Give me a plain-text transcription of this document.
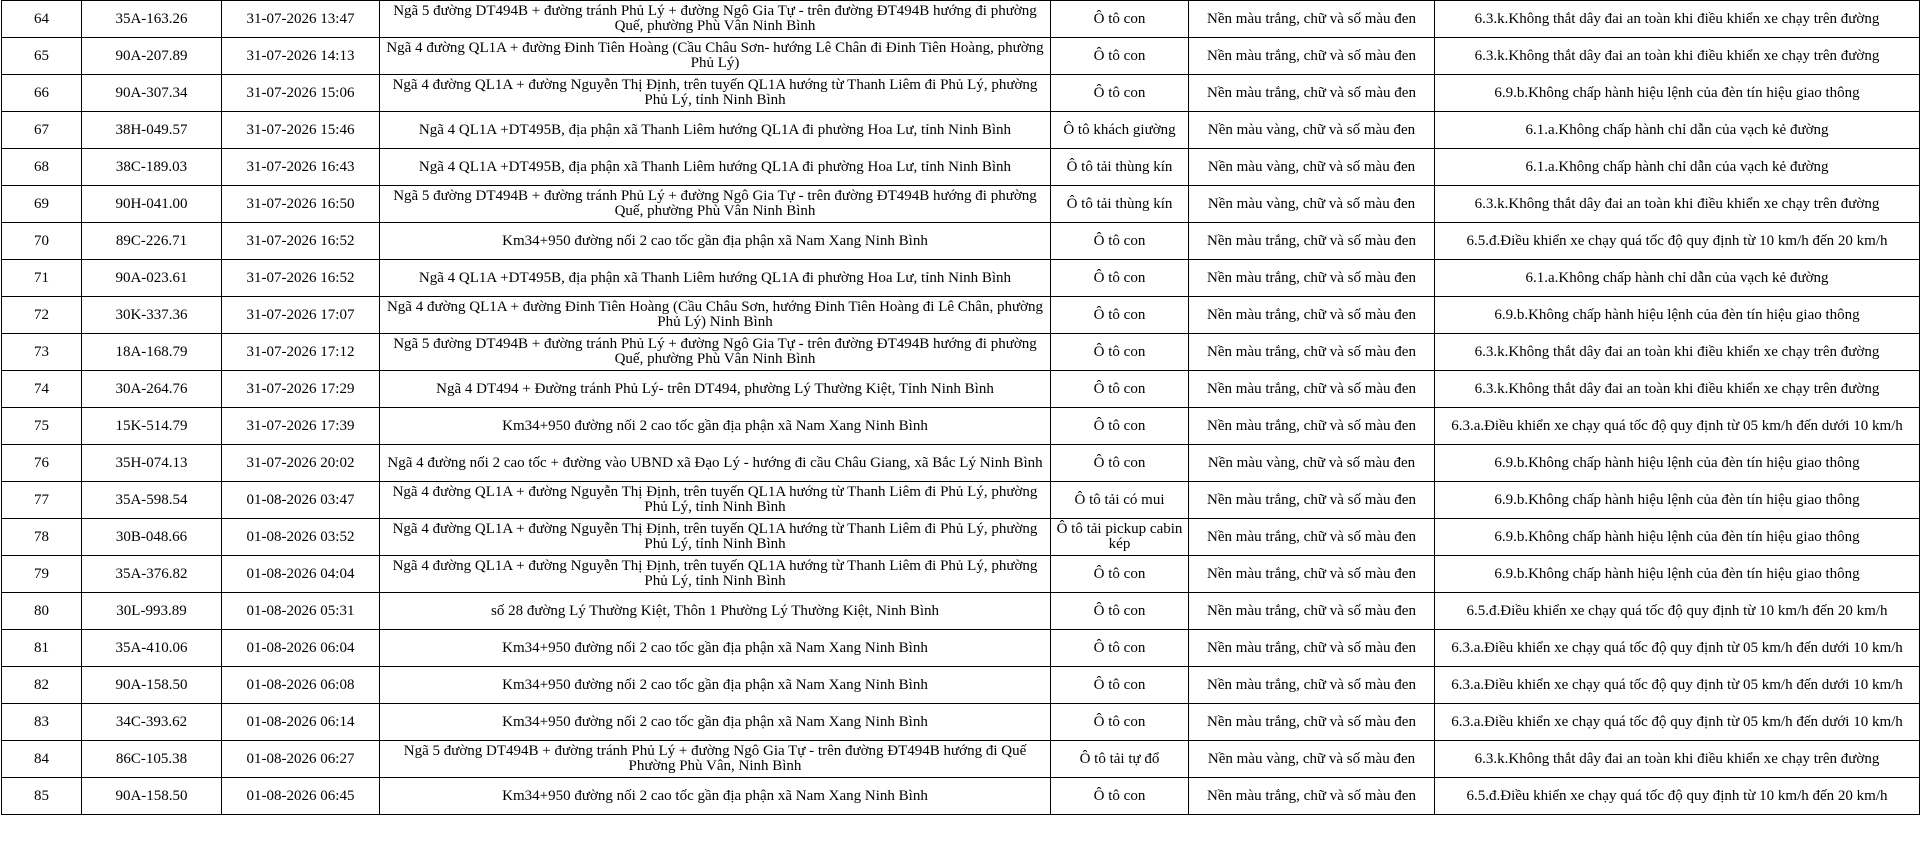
64	35A-163.26	31-07-2026 13:47	Ngã 5 đường DT494B + đường tránh Phủ Lý + đường Ngô Gia Tự - trên đường ĐT494B hướng đi phường Quế, phường Phù Vân Ninh Bình	Ô tô con	Nền màu trắng, chữ và số màu đen	6.3.k.Không thắt dây đai an toàn khi điều khiển xe chạy trên đường
65	90A-207.89	31-07-2026 14:13	Ngã 4 đường QL1A + đường Đinh Tiên Hoàng (Cầu Châu Sơn- hướng Lê Chân đi Đinh Tiên Hoàng, phường Phủ Lý)	Ô tô con	Nền màu trắng, chữ và số màu đen	6.3.k.Không thắt dây đai an toàn khi điều khiển xe chạy trên đường
66	90A-307.34	31-07-2026 15:06	Ngã 4 đường QL1A + đường Nguyễn Thị Định, trên tuyến QL1A hướng từ Thanh Liêm đi Phủ Lý, phường Phủ Lý, tỉnh Ninh Bình	Ô tô con	Nền màu trắng, chữ và số màu đen	6.9.b.Không chấp hành hiệu lệnh của đèn tín hiệu giao thông
67	38H-049.57	31-07-2026 15:46	Ngã 4 QL1A +DT495B, địa phận xã Thanh Liêm hướng QL1A đi phường Hoa Lư, tỉnh Ninh Bình	Ô tô khách giường	Nền màu vàng, chữ và số màu đen	6.1.a.Không chấp hành chỉ dẫn của vạch kẻ đường
68	38C-189.03	31-07-2026 16:43	Ngã 4 QL1A +DT495B, địa phận xã Thanh Liêm hướng QL1A đi phường Hoa Lư, tỉnh Ninh Bình	Ô tô tải thùng kín	Nền màu vàng, chữ và số màu đen	6.1.a.Không chấp hành chỉ dẫn của vạch kẻ đường
69	90H-041.00	31-07-2026 16:50	Ngã 5 đường DT494B + đường tránh Phủ Lý + đường Ngô Gia Tự - trên đường ĐT494B hướng đi phường Quế, phường Phù Vân Ninh Bình	Ô tô tải thùng kín	Nền màu vàng, chữ và số màu đen	6.3.k.Không thắt dây đai an toàn khi điều khiển xe chạy trên đường
70	89C-226.71	31-07-2026 16:52	Km34+950 đường nối 2 cao tốc gần địa phận xã Nam Xang Ninh Bình	Ô tô con	Nền màu trắng, chữ và số màu đen	6.5.đ.Điều khiển xe chạy quá tốc độ quy định từ 10 km/h đến 20 km/h
71	90A-023.61	31-07-2026 16:52	Ngã 4 QL1A +DT495B, địa phận xã Thanh Liêm hướng QL1A đi phường Hoa Lư, tỉnh Ninh Bình	Ô tô con	Nền màu trắng, chữ và số màu đen	6.1.a.Không chấp hành chỉ dẫn của vạch kẻ đường
72	30K-337.36	31-07-2026 17:07	Ngã 4 đường QL1A + đường Đinh Tiên Hoàng (Cầu Châu Sơn, hướng Đinh Tiên Hoàng đi Lê Chân, phường Phủ Lý) Ninh Bình	Ô tô con	Nền màu trắng, chữ và số màu đen	6.9.b.Không chấp hành hiệu lệnh của đèn tín hiệu giao thông
73	18A-168.79	31-07-2026 17:12	Ngã 5 đường DT494B + đường tránh Phủ Lý + đường Ngô Gia Tự - trên đường ĐT494B hướng đi phường Quế, phường Phù Vân Ninh Bình	Ô tô con	Nền màu trắng, chữ và số màu đen	6.3.k.Không thắt dây đai an toàn khi điều khiển xe chạy trên đường
74	30A-264.76	31-07-2026 17:29	Ngã 4 DT494 + Đường tránh Phủ Lý- trên DT494, phường Lý Thường Kiệt, Tỉnh Ninh Bình	Ô tô con	Nền màu trắng, chữ và số màu đen	6.3.k.Không thắt dây đai an toàn khi điều khiển xe chạy trên đường
75	15K-514.79	31-07-2026 17:39	Km34+950 đường nối 2 cao tốc gần địa phận xã Nam Xang Ninh Bình	Ô tô con	Nền màu trắng, chữ và số màu đen	6.3.a.Điều khiển xe chạy quá tốc độ quy định từ 05 km/h đến dưới 10 km/h
76	35H-074.13	31-07-2026 20:02	Ngã 4 đường nối 2 cao tốc + đường vào UBND xã Đạo Lý - hướng đi cầu Châu Giang, xã Bắc Lý Ninh Bình	Ô tô con	Nền màu vàng, chữ và số màu đen	6.9.b.Không chấp hành hiệu lệnh của đèn tín hiệu giao thông
77	35A-598.54	01-08-2026 03:47	Ngã 4 đường QL1A + đường Nguyễn Thị Định, trên tuyến QL1A hướng từ Thanh Liêm đi Phủ Lý, phường Phủ Lý, tỉnh Ninh Bình	Ô tô tải có mui	Nền màu trắng, chữ và số màu đen	6.9.b.Không chấp hành hiệu lệnh của đèn tín hiệu giao thông
78	30B-048.66	01-08-2026 03:52	Ngã 4 đường QL1A + đường Nguyễn Thị Định, trên tuyến QL1A hướng từ Thanh Liêm đi Phủ Lý, phường Phủ Lý, tỉnh Ninh Bình	Ô tô tải pickup cabin kép	Nền màu trắng, chữ và số màu đen	6.9.b.Không chấp hành hiệu lệnh của đèn tín hiệu giao thông
79	35A-376.82	01-08-2026 04:04	Ngã 4 đường QL1A + đường Nguyễn Thị Định, trên tuyến QL1A hướng từ Thanh Liêm đi Phủ Lý, phường Phủ Lý, tỉnh Ninh Bình	Ô tô con	Nền màu trắng, chữ và số màu đen	6.9.b.Không chấp hành hiệu lệnh của đèn tín hiệu giao thông
80	30L-993.89	01-08-2026 05:31	số 28 đường Lý Thường Kiệt, Thôn 1 Phường Lý Thường Kiệt, Ninh Bình	Ô tô con	Nền màu trắng, chữ và số màu đen	6.5.đ.Điều khiển xe chạy quá tốc độ quy định từ 10 km/h đến 20 km/h
81	35A-410.06	01-08-2026 06:04	Km34+950 đường nối 2 cao tốc gần địa phận xã Nam Xang Ninh Bình	Ô tô con	Nền màu trắng, chữ và số màu đen	6.3.a.Điều khiển xe chạy quá tốc độ quy định từ 05 km/h đến dưới 10 km/h
82	90A-158.50	01-08-2026 06:08	Km34+950 đường nối 2 cao tốc gần địa phận xã Nam Xang Ninh Bình	Ô tô con	Nền màu trắng, chữ và số màu đen	6.3.a.Điều khiển xe chạy quá tốc độ quy định từ 05 km/h đến dưới 10 km/h
83	34C-393.62	01-08-2026 06:14	Km34+950 đường nối 2 cao tốc gần địa phận xã Nam Xang Ninh Bình	Ô tô con	Nền màu trắng, chữ và số màu đen	6.3.a.Điều khiển xe chạy quá tốc độ quy định từ 05 km/h đến dưới 10 km/h
84	86C-105.38	01-08-2026 06:27	Ngã 5 đường DT494B + đường tránh Phủ Lý + đường Ngô Gia Tự - trên đường ĐT494B hướng đi Quế Phường Phù Vân, Ninh Bình	Ô tô tải tự đổ	Nền màu vàng, chữ và số màu đen	6.3.k.Không thắt dây đai an toàn khi điều khiển xe chạy trên đường
85	90A-158.50	01-08-2026 06:45	Km34+950 đường nối 2 cao tốc gần địa phận xã Nam Xang Ninh Bình	Ô tô con	Nền màu trắng, chữ và số màu đen	6.5.đ.Điều khiển xe chạy quá tốc độ quy định từ 10 km/h đến 20 km/h
